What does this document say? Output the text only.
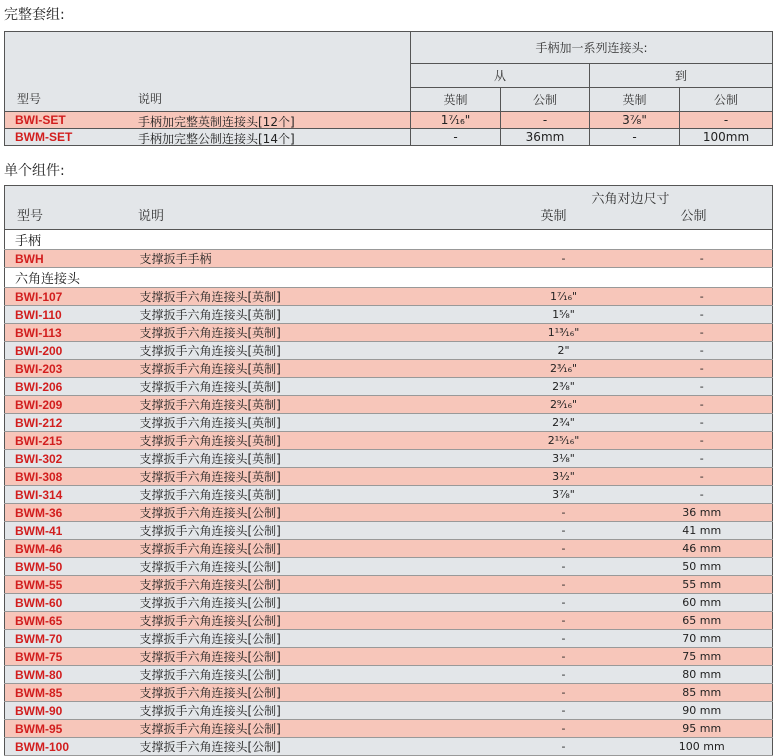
完整套组:
型号 说明	手柄加一系列连接头:			
	从		到	
	英制	公制	英制	公制

BWI-SET 手柄加完整英制连接头[12个]	1⁷⁄₁₆"	-	3⁷⁄₈"	-

BWM-SET 手柄加完整公制连接头[14个]	-	36mm	-	100mm
单个组件:
型号 说明		六角对边尺寸
英制 公制	

手柄			
BWH	支撑扳手手柄	-	-
六角连接头			
BWI-107	支撑扳手六角连接头[英制]	1⁷⁄₁₆"	-
BWI-110	支撑扳手六角连接头[英制]	1⁵⁄₈"	-
BWI-113	支撑扳手六角连接头[英制]	1¹³⁄₁₆"	-
BWI-200	支撑扳手六角连接头[英制]	2"	-
BWI-203	支撑扳手六角连接头[英制]	2³⁄₁₆"	-
BWI-206	支撑扳手六角连接头[英制]	2³⁄₈"	-
BWI-209	支撑扳手六角连接头[英制]	2⁹⁄₁₆"	-
BWI-212	支撑扳手六角连接头[英制]	2³⁄₄"	-
BWI-215	支撑扳手六角连接头[英制]	2¹⁵⁄₁₆"	-
BWI-302	支撑扳手六角连接头[英制]	3¹⁄₈"	-
BWI-308	支撑扳手六角连接头[英制]	3¹⁄₂"	-
BWI-314	支撑扳手六角连接头[英制]	3⁷⁄₈"	-
BWM-36	支撑扳手六角连接头[公制]	-	36 mm
BWM-41	支撑扳手六角连接头[公制]	-	41 mm
BWM-46	支撑扳手六角连接头[公制]	-	46 mm
BWM-50	支撑扳手六角连接头[公制]	-	50 mm
BWM-55	支撑扳手六角连接头[公制]	-	55 mm
BWM-60	支撑扳手六角连接头[公制]	-	60 mm
BWM-65	支撑扳手六角连接头[公制]	-	65 mm
BWM-70	支撑扳手六角连接头[公制]	-	70 mm
BWM-75	支撑扳手六角连接头[公制]	-	75 mm
BWM-80	支撑扳手六角连接头[公制]	-	80 mm
BWM-85	支撑扳手六角连接头[公制]	-	85 mm
BWM-90	支撑扳手六角连接头[公制]	-	90 mm
BWM-95	支撑扳手六角连接头[公制]	-	95 mm
BWM-100	支撑扳手六角连接头[公制]	-	100 mm
